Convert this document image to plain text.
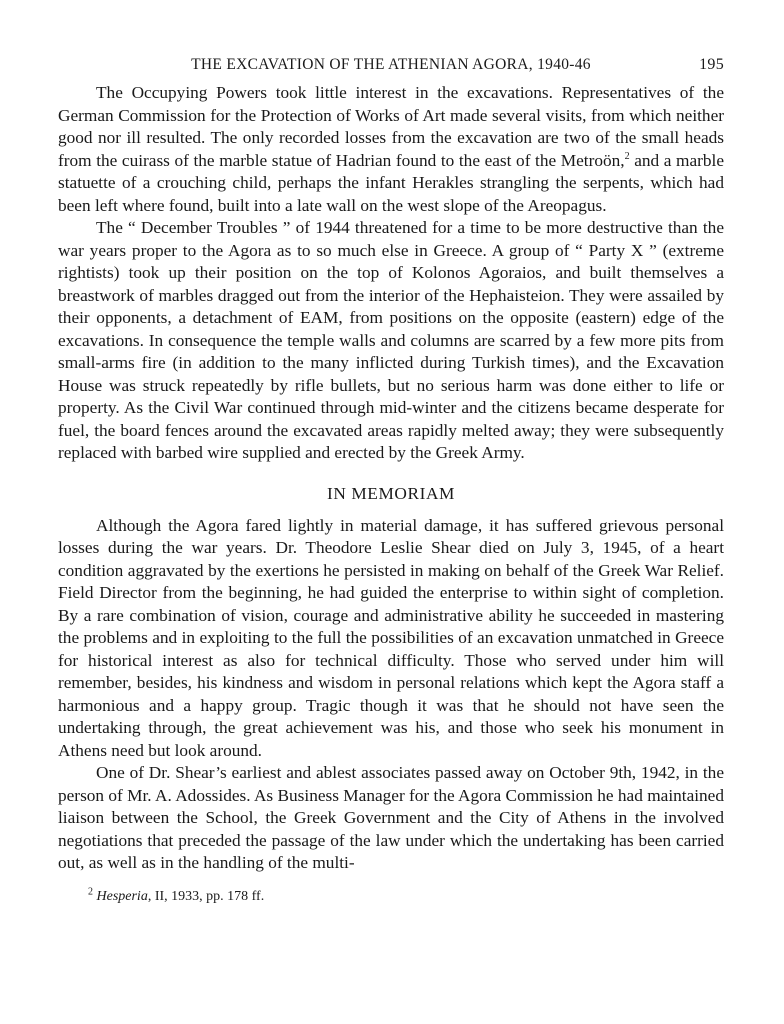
THE EXCAVATION OF THE ATHENIAN AGORA, 1940-46	195

The Occupying Powers took little interest in the excavations. Representatives of the German Commission for the Protection of Works of Art made several visits, from which neither good nor ill resulted. The only recorded losses from the excavation are two of the small heads from the cuirass of the marble statue of Hadrian found to the east of the Metroön,$^2$ and a marble statuette of a crouching child, perhaps the infant Herakles strangling the serpents, which had been left where found, built into a late wall on the west slope of the Areopagus.

The “ December Troubles ” of 1944 threatened for a time to be more destructive than the war years proper to the Agora as to so much else in Greece. A group of “ Party X ” (extreme rightists) took up their position on the top of Kolonos Agoraios, and built themselves a breastwork of marbles dragged out from the interior of the Hephaisteion. They were assailed by their opponents, a detachment of EAM, from positions on the opposite (eastern) edge of the excavations. In consequence the temple walls and columns are scarred by a few more pits from small-arms fire (in addition to the many inflicted during Turkish times), and the Excavation House was struck repeatedly by rifle bullets, but no serious harm was done either to life or property. As the Civil War continued through mid-winter and the citizens became desperate for fuel, the board fences around the excavated areas rapidly melted away; they were subsequently replaced with barbed wire supplied and erected by the Greek Army.

IN MEMORIAM

Although the Agora fared lightly in material damage, it has suffered grievous personal losses during the war years. Dr. Theodore Leslie Shear died on July 3, 1945, of a heart condition aggravated by the exertions he persisted in making on behalf of the Greek War Relief. Field Director from the beginning, he had guided the enterprise to within sight of completion. By a rare combination of vision, courage and administrative ability he succeeded in mastering the problems and in exploiting to the full the possibilities of an excavation unmatched in Greece for historical interest as also for technical difficulty. Those who served under him will remember, besides, his kindness and wisdom in personal relations which kept the Agora staff a harmonious and a happy group. Tragic though it was that he should not have seen the undertaking through, the great achievement was his, and those who seek his monument in Athens need but look around.

One of Dr. Shear’s earliest and ablest associates passed away on October 9th, 1942, in the person of Mr. A. Adossides. As Business Manager for the Agora Commission he had maintained liaison between the School, the Greek Government and the City of Athens in the involved negotiations that preceded the passage of the law under which the undertaking has been carried out, as well as in the handling of the multi-

$^2$ Hesperia, II, 1933, pp. 178 ff.
